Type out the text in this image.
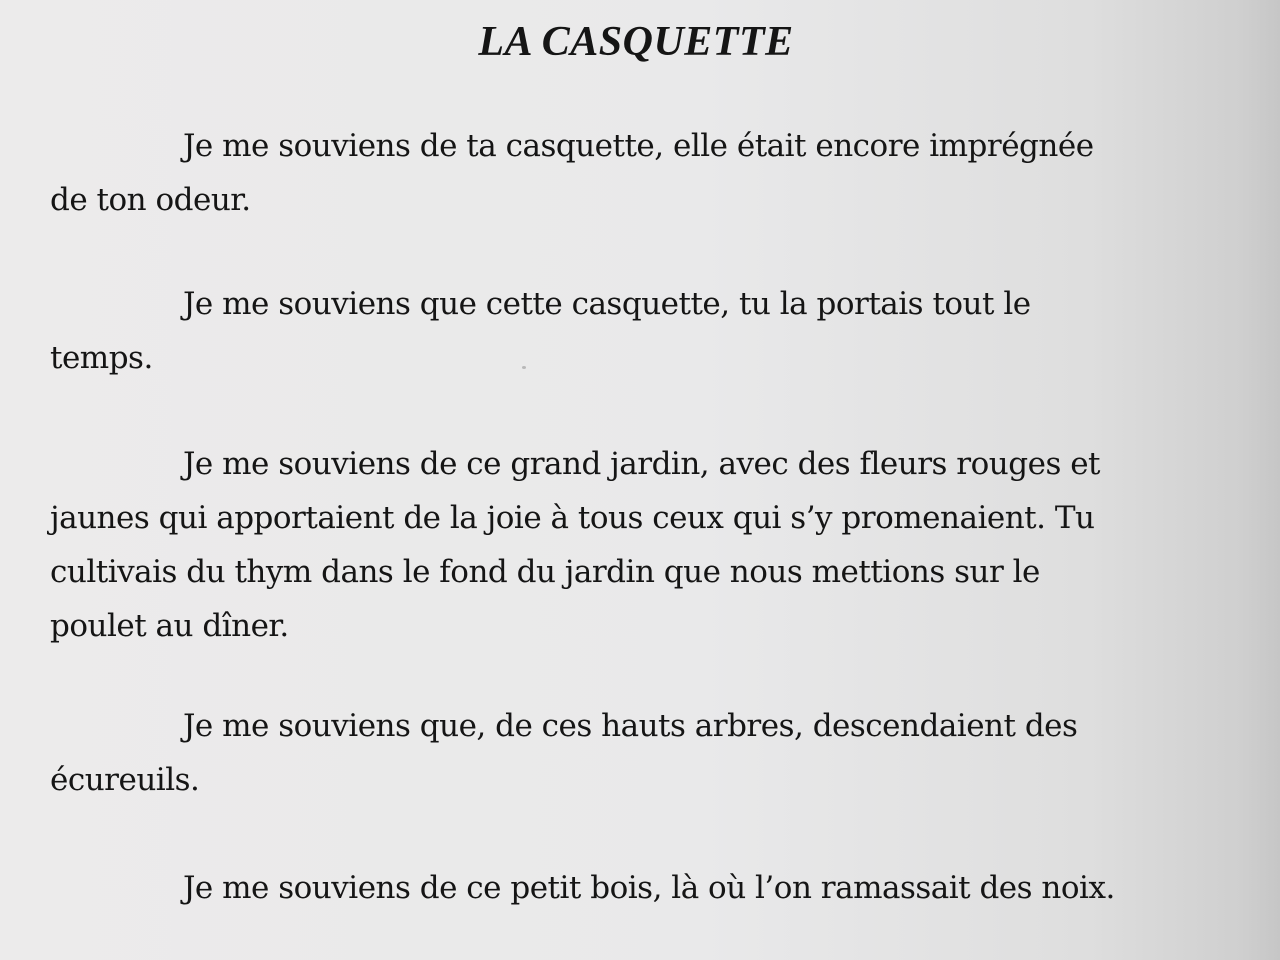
LA CASQUETTE

Je me souviens de ta casquette, elle était encore imprégnée
de ton odeur.

Je me souviens que cette casquette, tu la portais tout le
temps.

Je me souviens de ce grand jardin, avec des fleurs rouges et
jaunes qui apportaient de la joie à tous ceux qui s’y promenaient. Tu
cultivais du thym dans le fond du jardin que nous mettions sur le
poulet au dîner.

Je me souviens que, de ces hauts arbres, descendaient des
écureuils.

Je me souviens de ce petit bois, là où l’on ramassait des noix.
